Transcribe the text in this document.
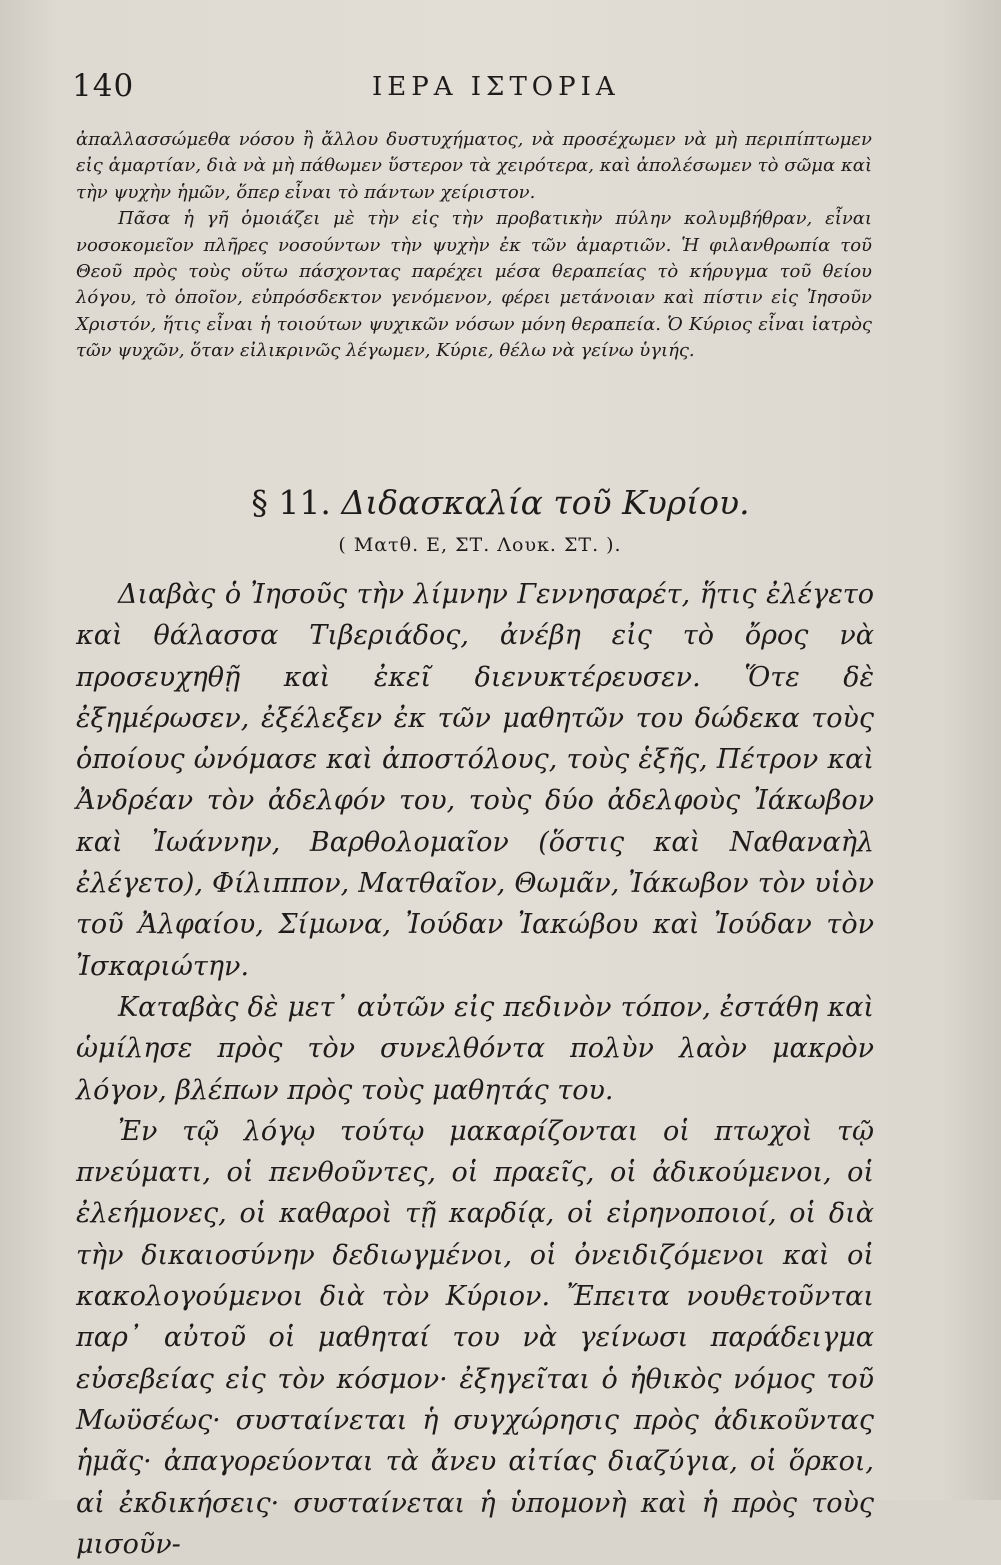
140	ΙΕΡΑ ΙΣΤΟΡΙΑ

ἀπαλλασσώμεθα νόσου ἢ ἄλλου δυστυχήματος, νὰ προσέχωμεν νὰ μὴ περιπίπτωμεν εἰς ἁμαρτίαν, διὰ νὰ μὴ πάθωμεν ὕστερον τὰ χειρότερα, καὶ ἀπολέσωμεν τὸ σῶμα καὶ τὴν ψυχὴν ἡμῶν, ὅπερ εἶναι τὸ πάντων χείριστον.

Πᾶσα ἡ γῆ ὁμοιάζει μὲ τὴν εἰς τὴν προβατικὴν πύλην κολυμβήθραν, εἶναι νοσοκομεῖον πλῆρες νοσούντων τὴν ψυχὴν ἐκ τῶν ἁμαρτιῶν. Ἡ φιλανθρωπία τοῦ Θεοῦ πρὸς τοὺς οὕτω πάσχοντας παρέχει μέσα θεραπείας τὸ κήρυγμα τοῦ θείου λόγου, τὸ ὁποῖον, εὐπρόσδεκτον γενόμενον, φέρει μετάνοιαν καὶ πίστιν εἰς Ἰησοῦν Χριστόν, ἥτις εἶναι ἡ τοιούτων ψυχικῶν νόσων μόνη θεραπεία. Ὁ Κύριος εἶναι ἰατρὸς τῶν ψυχῶν, ὅταν εἰλικρινῶς λέγωμεν, Κύριε, θέλω νὰ γείνω ὑγιής.

§ 11. Διδασκαλία τοῦ Κυρίου.
( Ματθ. Ε, ΣΤ. Λουκ. ΣΤ. ).

Διαβὰς ὁ Ἰησοῦς τὴν λίμνην Γεννησαρέτ, ἥτις ἐλέγετο καὶ θάλασσα Τιβεριάδος, ἀνέβη εἰς τὸ ὄρος νὰ προσευχηθῇ καὶ ἐκεῖ διενυκτέρευσεν. Ὅτε δὲ ἐξημέρωσεν, ἐξέλεξεν ἐκ τῶν μαθητῶν του δώδεκα τοὺς ὁποίους ὠνόμασε καὶ ἀποστόλους, τοὺς ἑξῆς, Πέτρον καὶ Ἀνδρέαν τὸν ἀδελφόν του, τοὺς δύο ἀδελφοὺς Ἰάκωβον καὶ Ἰωάννην, Βαρθολομαῖον (ὅστις καὶ Ναθαναὴλ ἐλέγετο), Φίλιππον, Ματθαῖον, Θωμᾶν, Ἰάκωβον τὸν υἱὸν τοῦ Ἀλφαίου, Σίμωνα, Ἰούδαν Ἰακώβου καὶ Ἰούδαν τὸν Ἰσκαριώτην.

Καταβὰς δὲ μετ᾽ αὐτῶν εἰς πεδινὸν τόπον, ἐστάθη καὶ ὡμίλησε πρὸς τὸν συνελθόντα πολὺν λαὸν μακρὸν λόγον, βλέπων πρὸς τοὺς μαθητάς του.

Ἐν τῷ λόγῳ τούτῳ μακαρίζονται οἱ πτωχοὶ τῷ πνεύματι, οἱ πενθοῦντες, οἱ πραεῖς, οἱ ἀδικούμενοι, οἱ ἐλεήμονες, οἱ καθαροὶ τῇ καρδίᾳ, οἱ εἰρηνοποιοί, οἱ διὰ τὴν δικαιοσύνην δεδιωγμένοι, οἱ ὀνειδιζόμενοι καὶ οἱ κακολογούμενοι διὰ τὸν Κύριον. Ἔπειτα νουθετοῦνται παρ᾽ αὐτοῦ οἱ μαθηταί του νὰ γείνωσι παράδειγμα εὐσεβείας εἰς τὸν κόσμον· ἐξηγεῖται ὁ ἠθικὸς νόμος τοῦ Μωϋσέως· συσταίνεται ἡ συγχώρησις πρὸς ἀδικοῦντας ἡμᾶς· ἀπαγορεύονται τὰ ἄνευ αἰτίας διαζύγια, οἱ ὅρκοι, αἱ ἐκδικήσεις· συσταίνεται ἡ ὑπομονὴ καὶ ἡ πρὸς τοὺς μισοῦν-
